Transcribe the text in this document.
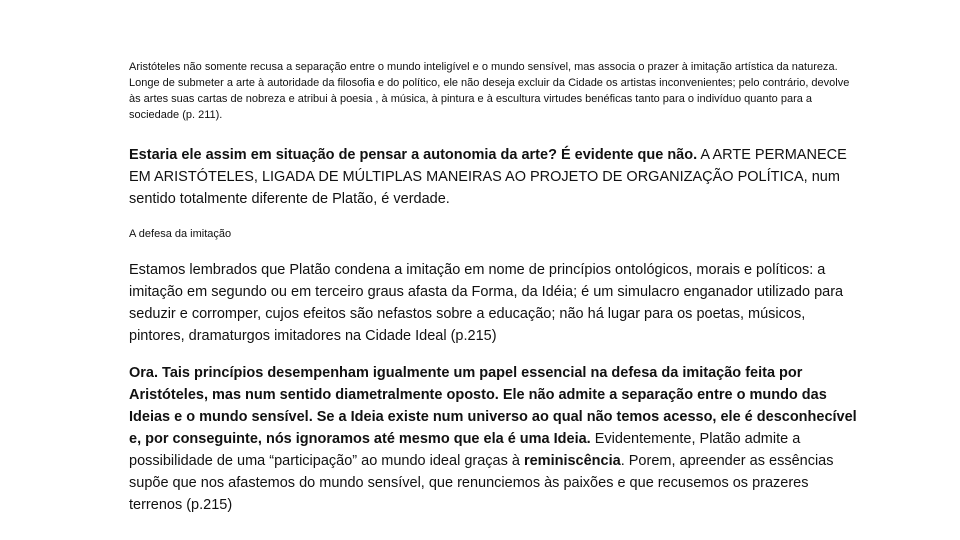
Aristóteles não somente recusa a separação entre o mundo inteligível e o mundo sensível, mas associa o prazer à imitação artística da natureza. Longe de submeter a arte à autoridade da filosofia e do político, ele não deseja excluir da Cidade os artistas inconvenientes; pelo contrário, devolve às artes suas cartas de nobreza e atribui à poesia , à música, à pintura e à escultura virtudes benéficas tanto para o indivíduo quanto para a sociedade (p. 211).

Estaria ele assim em situação de pensar a autonomia da arte? É evidente que não. A ARTE PERMANECE EM ARISTÓTELES, LIGADA DE MÚLTIPLAS MANEIRAS AO PROJETO DE ORGANIZAÇÃO POLÍTICA, num sentido totalmente diferente de Platão, é verdade.

A defesa da imitação

Estamos lembrados que Platão condena a imitação em nome de princípios ontológicos, morais e políticos: a imitação em segundo ou em terceiro graus afasta da Forma, da Idéia; é um simulacro enganador utilizado para seduzir e corromper, cujos efeitos são nefastos sobre a educação; não há lugar para os poetas, músicos, pintores, dramaturgos imitadores na Cidade Ideal (p.215)

Ora. Tais princípios desempenham igualmente um papel essencial na defesa da imitação feita por Aristóteles, mas num sentido diametralmente oposto. Ele não admite a separação entre o mundo das Ideias e o mundo sensível. Se a Ideia existe num universo ao qual não temos acesso, ele é desconhecível e, por conseguinte, nós ignoramos até mesmo que ela é uma Ideia. Evidentemente, Platão admite a possibilidade de uma “participação” ao mundo ideal graças à reminiscência. Porem, apreender as essências supõe que nos afastemos do mundo sensível, que renunciemos às paixões e que recusemos os prazeres terrenos (p.215)
